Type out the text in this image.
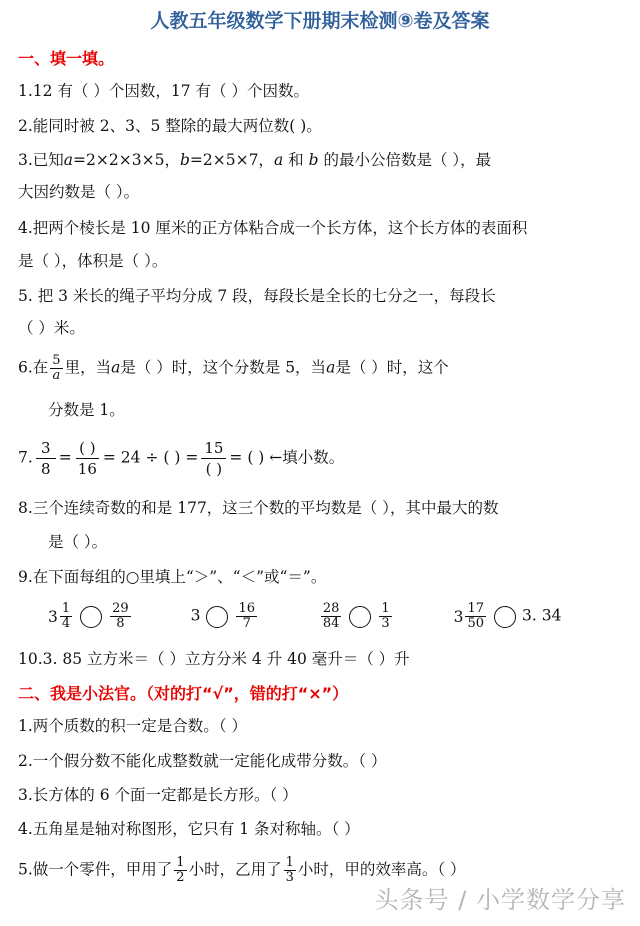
人教五年级数学下册期末检测⑨卷及答案
一、填一填。
1.12 有（ ）个因数，17 有（ ）个因数。
2.能同时被 2、3、5 整除的最大两位数( )。
3.已知a=2×2×3×5，b=2×5×7，a 和 b 的最小公倍数是（ ），最
大因约数是（ ）。
4.把两个棱长是 10 厘米的正方体粘合成一个长方体，这个长方体的表面积
是（ ），体积是（ ）。
5. 把 3 米长的绳子平均分成 7 段，每段长是全长的七分之一，每段长
（ ）米。
6.在 $\frac{5}{a}$ 里，当a是（ ）时，这个分数是 5，当a是（ ）时，这个
分数是 1。
7. $\frac{3}{8}$ =
( )
16
= 24 ÷ ( ) =
15
( )
= ( ) ←填小数。
8.三个连续奇数的和是 177，这三个数的平均数是（ ），其中最大的数
是（ ）。
9.在下面每组的○里填上“＞”、“＜”或“＝”。
$3 \frac{1}{4}$	$\frac{29}{8}$	3	$\frac{16}{7}$
	$\frac{28}{84}$	$\frac{1}{3}$
	$3 \frac{17}{50} 3$. 34
10.3. 85 立方米＝（ ）立方分米 4 升 40 毫升＝（ ）升
二、我是小法官。（对的打“√”，错的打“×”）
1.两个质数的积一定是合数。（ ）
2.一个假分数不能化成整数就一定能化成带分数。（ ）
3.长方体的 6 个面一定都是长方形。（ ）
4.五角星是轴对称图形，它只有 1 条对称轴。（ ）
5.做一个零件，甲用了 $\frac{1}{2}$ 小时，乙用了 $\frac{1}{3}$ 小时，甲的效率高。（ ）
头条号 / 小学数学分享
